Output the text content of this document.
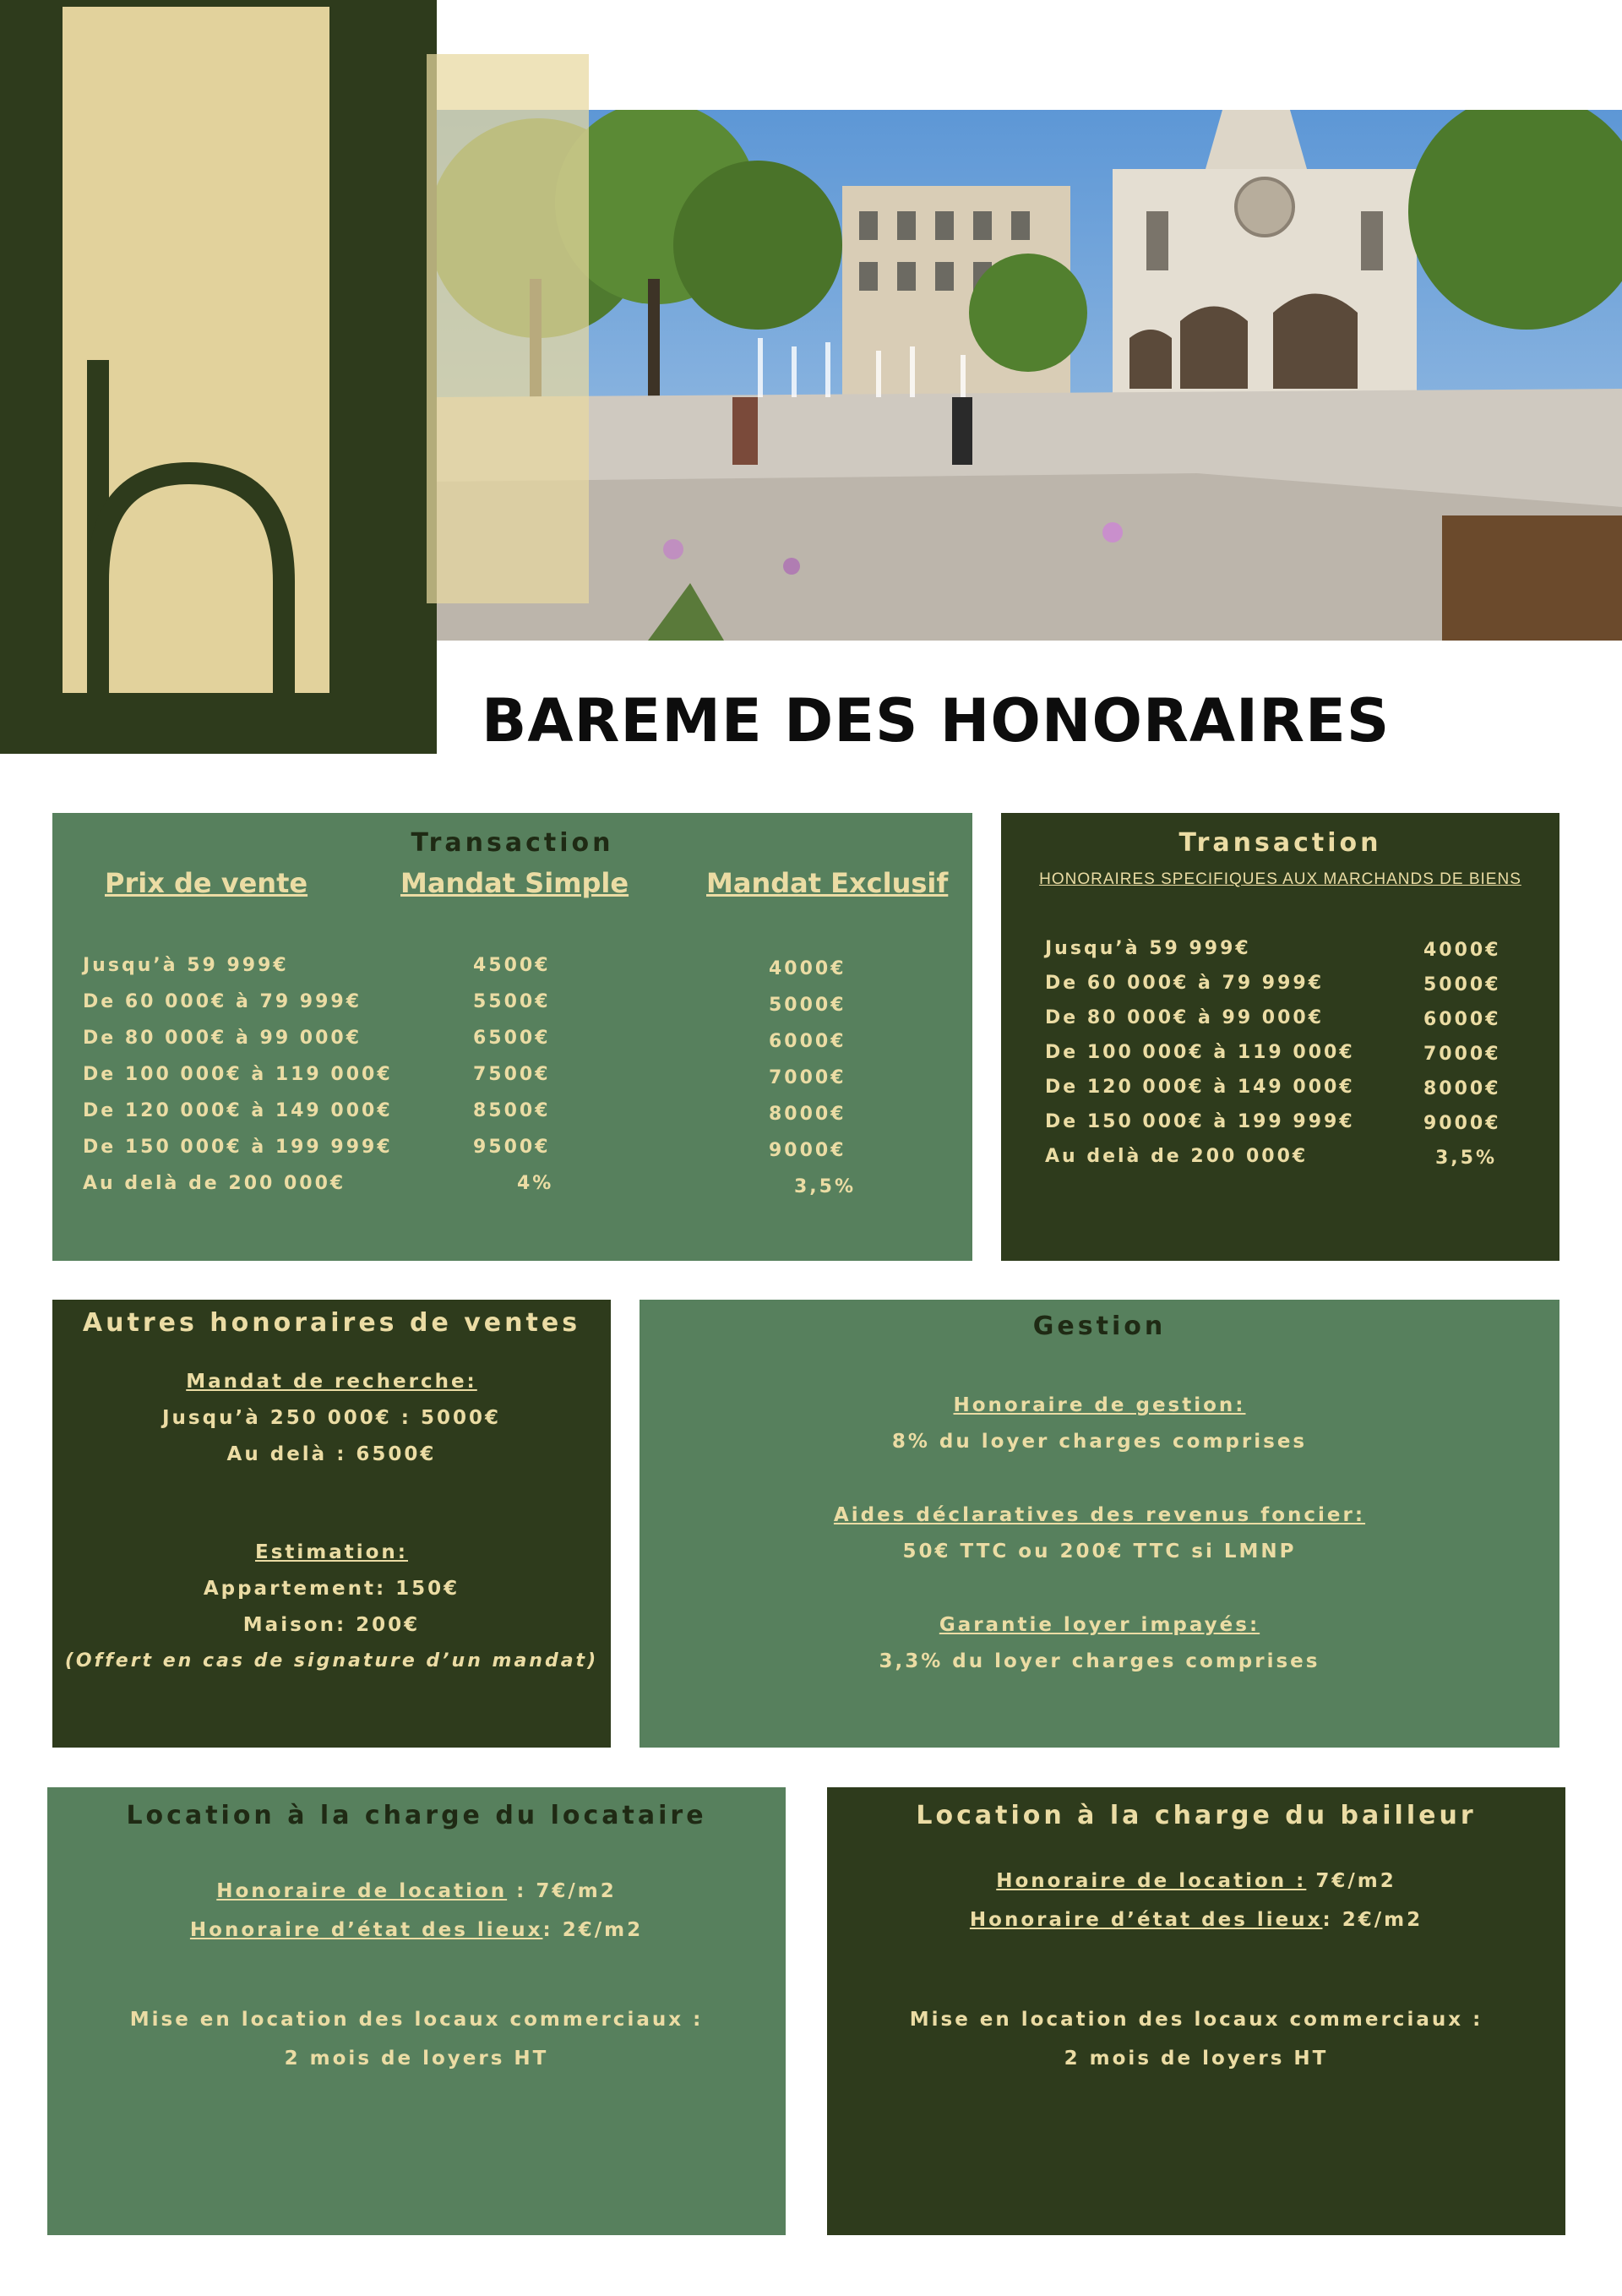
BAREME DES HONORAIRES
Transaction
Prix de vente	Mandat Simple	Mandat Exclusif
Jusqu’à 59 999€
De 60 000€ à 79 999€
De 80 000€ à 99 000€
De 100 000€ à 119 000€
De 120 000€ à 149 000€
De 150 000€ à 199 999€
Au delà de 200 000€
4500€
5500€
6500€
7500€
8500€
9500€
4%
4000€
5000€
6000€
7000€
8000€
9000€
3,5%
Transaction
HONORAIRES SPECIFIQUES AUX MARCHANDS DE BIENS
Jusqu’à 59 999€
De 60 000€ à 79 999€
De 80 000€ à 99 000€
De 100 000€ à 119 000€
De 120 000€ à 149 000€
De 150 000€ à 199 999€
Au delà de 200 000€
4000€
5000€
6000€
7000€
8000€
9000€
3,5%
Autres honoraires de ventes
Mandat de recherche:
Jusqu’à 250 000€ : 5000€
Au delà : 6500€
Estimation:
Appartement: 150€
Maison: 200€
(Offert en cas de signature d’un mandat)
Gestion
Honoraire de gestion:
8% du loyer charges comprises
Aides déclaratives des revenus foncier:
50€ TTC ou 200€ TTC si LMNP
Garantie loyer impayés:
3,3% du loyer charges comprises
Location à la charge du locataire
Honoraire de location : 7€/m2
Honoraire d’état des lieux: 2€/m2
Mise en location des locaux commerciaux :
2 mois de loyers HT
Location à la charge du bailleur
Honoraire de location : 7€/m2
Honoraire d’état des lieux: 2€/m2
Mise en location des locaux commerciaux :
2 mois de loyers HT
